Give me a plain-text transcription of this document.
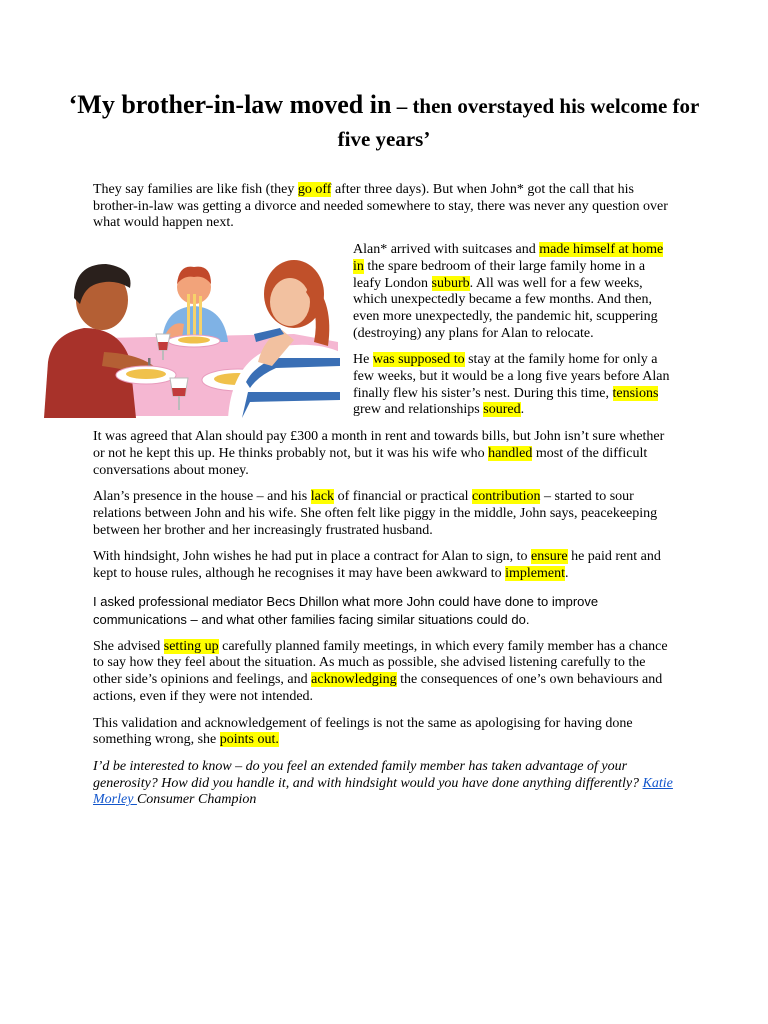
‘My brother-in-law moved in – then overstayed his welcome for five years’

They say families are like fish (they go off after three days). But when John* got the call that his brother-in-law was getting a divorce and needed somewhere to stay, there was never any question over what would happen next.

Alan* arrived with suitcases and made himself at home in the spare bedroom of their large family home in a leafy London suburb. All was well for a few weeks, which unexpectedly became a few months. And then, even more unexpectedly, the pandemic hit, scuppering (destroying) any plans for Alan to relocate.

He was supposed to stay at the family home for only a few weeks, but it would be a long five years before Alan finally flew his sister’s nest. During this time, tensions grew and relationships soured.

It was agreed that Alan should pay £300 a month in rent and towards bills, but John isn’t sure whether or not he kept this up. He thinks probably not, but it was his wife who handled most of the difficult conversations about money.

Alan’s presence in the house – and his lack of financial or practical contribution – started to sour relations between John and his wife. She often felt like piggy in the middle, John says, peacekeeping between her brother and her increasingly frustrated husband.

With hindsight, John wishes he had put in place a contract for Alan to sign, to ensure he paid rent and kept to house rules, although he recognises it may have been awkward to implement.

I asked professional mediator Becs Dhillon what more John could have done to improve communications – and what other families facing similar situations could do.

She advised setting up carefully planned family meetings, in which every family member has a chance to say how they feel about the situation. As much as possible, she advised listening carefully to the other side’s opinions and feelings, and acknowledging the consequences of one’s own behaviours and actions, even if they were not intended.

This validation and acknowledgement of feelings is not the same as apologising for having done something wrong, she points out.

I’d be interested to know – do you feel an extended family member has taken advantage of your generosity? How did you handle it, and with hindsight would you have done anything differently? Katie Morley Consumer Champion
